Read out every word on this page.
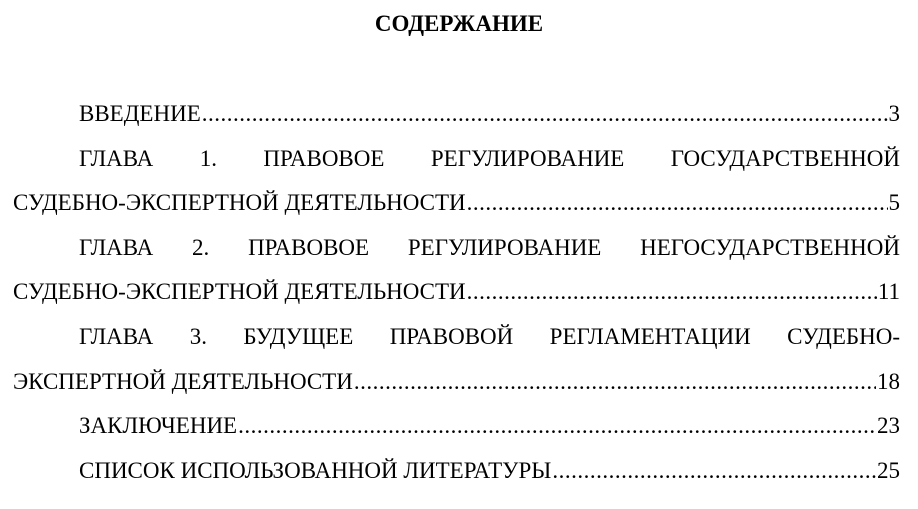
СОДЕРЖАНИЕ
ВВЕДЕНИЕ .....	3
ГЛАВА 1. ПРАВОВОЕ РЕГУЛИРОВАНИЕ ГОСУДАРСТВЕННОЙ
СУДЕБНО-ЭКСПЕРТНОЙ ДЕЯТЕЛЬНОСТИ .....	5
ГЛАВА 2. ПРАВОВОЕ РЕГУЛИРОВАНИЕ НЕГОСУДАРСТВЕННОЙ
СУДЕБНО-ЭКСПЕРТНОЙ ДЕЯТЕЛЬНОСТИ .....	11
ГЛАВА 3. БУДУЩЕЕ ПРАВОВОЙ РЕГЛАМЕНТАЦИИ СУДЕБНО-
ЭКСПЕРТНОЙ ДЕЯТЕЛЬНОСТИ .....	18
ЗАКЛЮЧЕНИЕ .....	23
СПИСОК ИСПОЛЬЗОВАННОЙ ЛИТЕРАТУРЫ .....	25
